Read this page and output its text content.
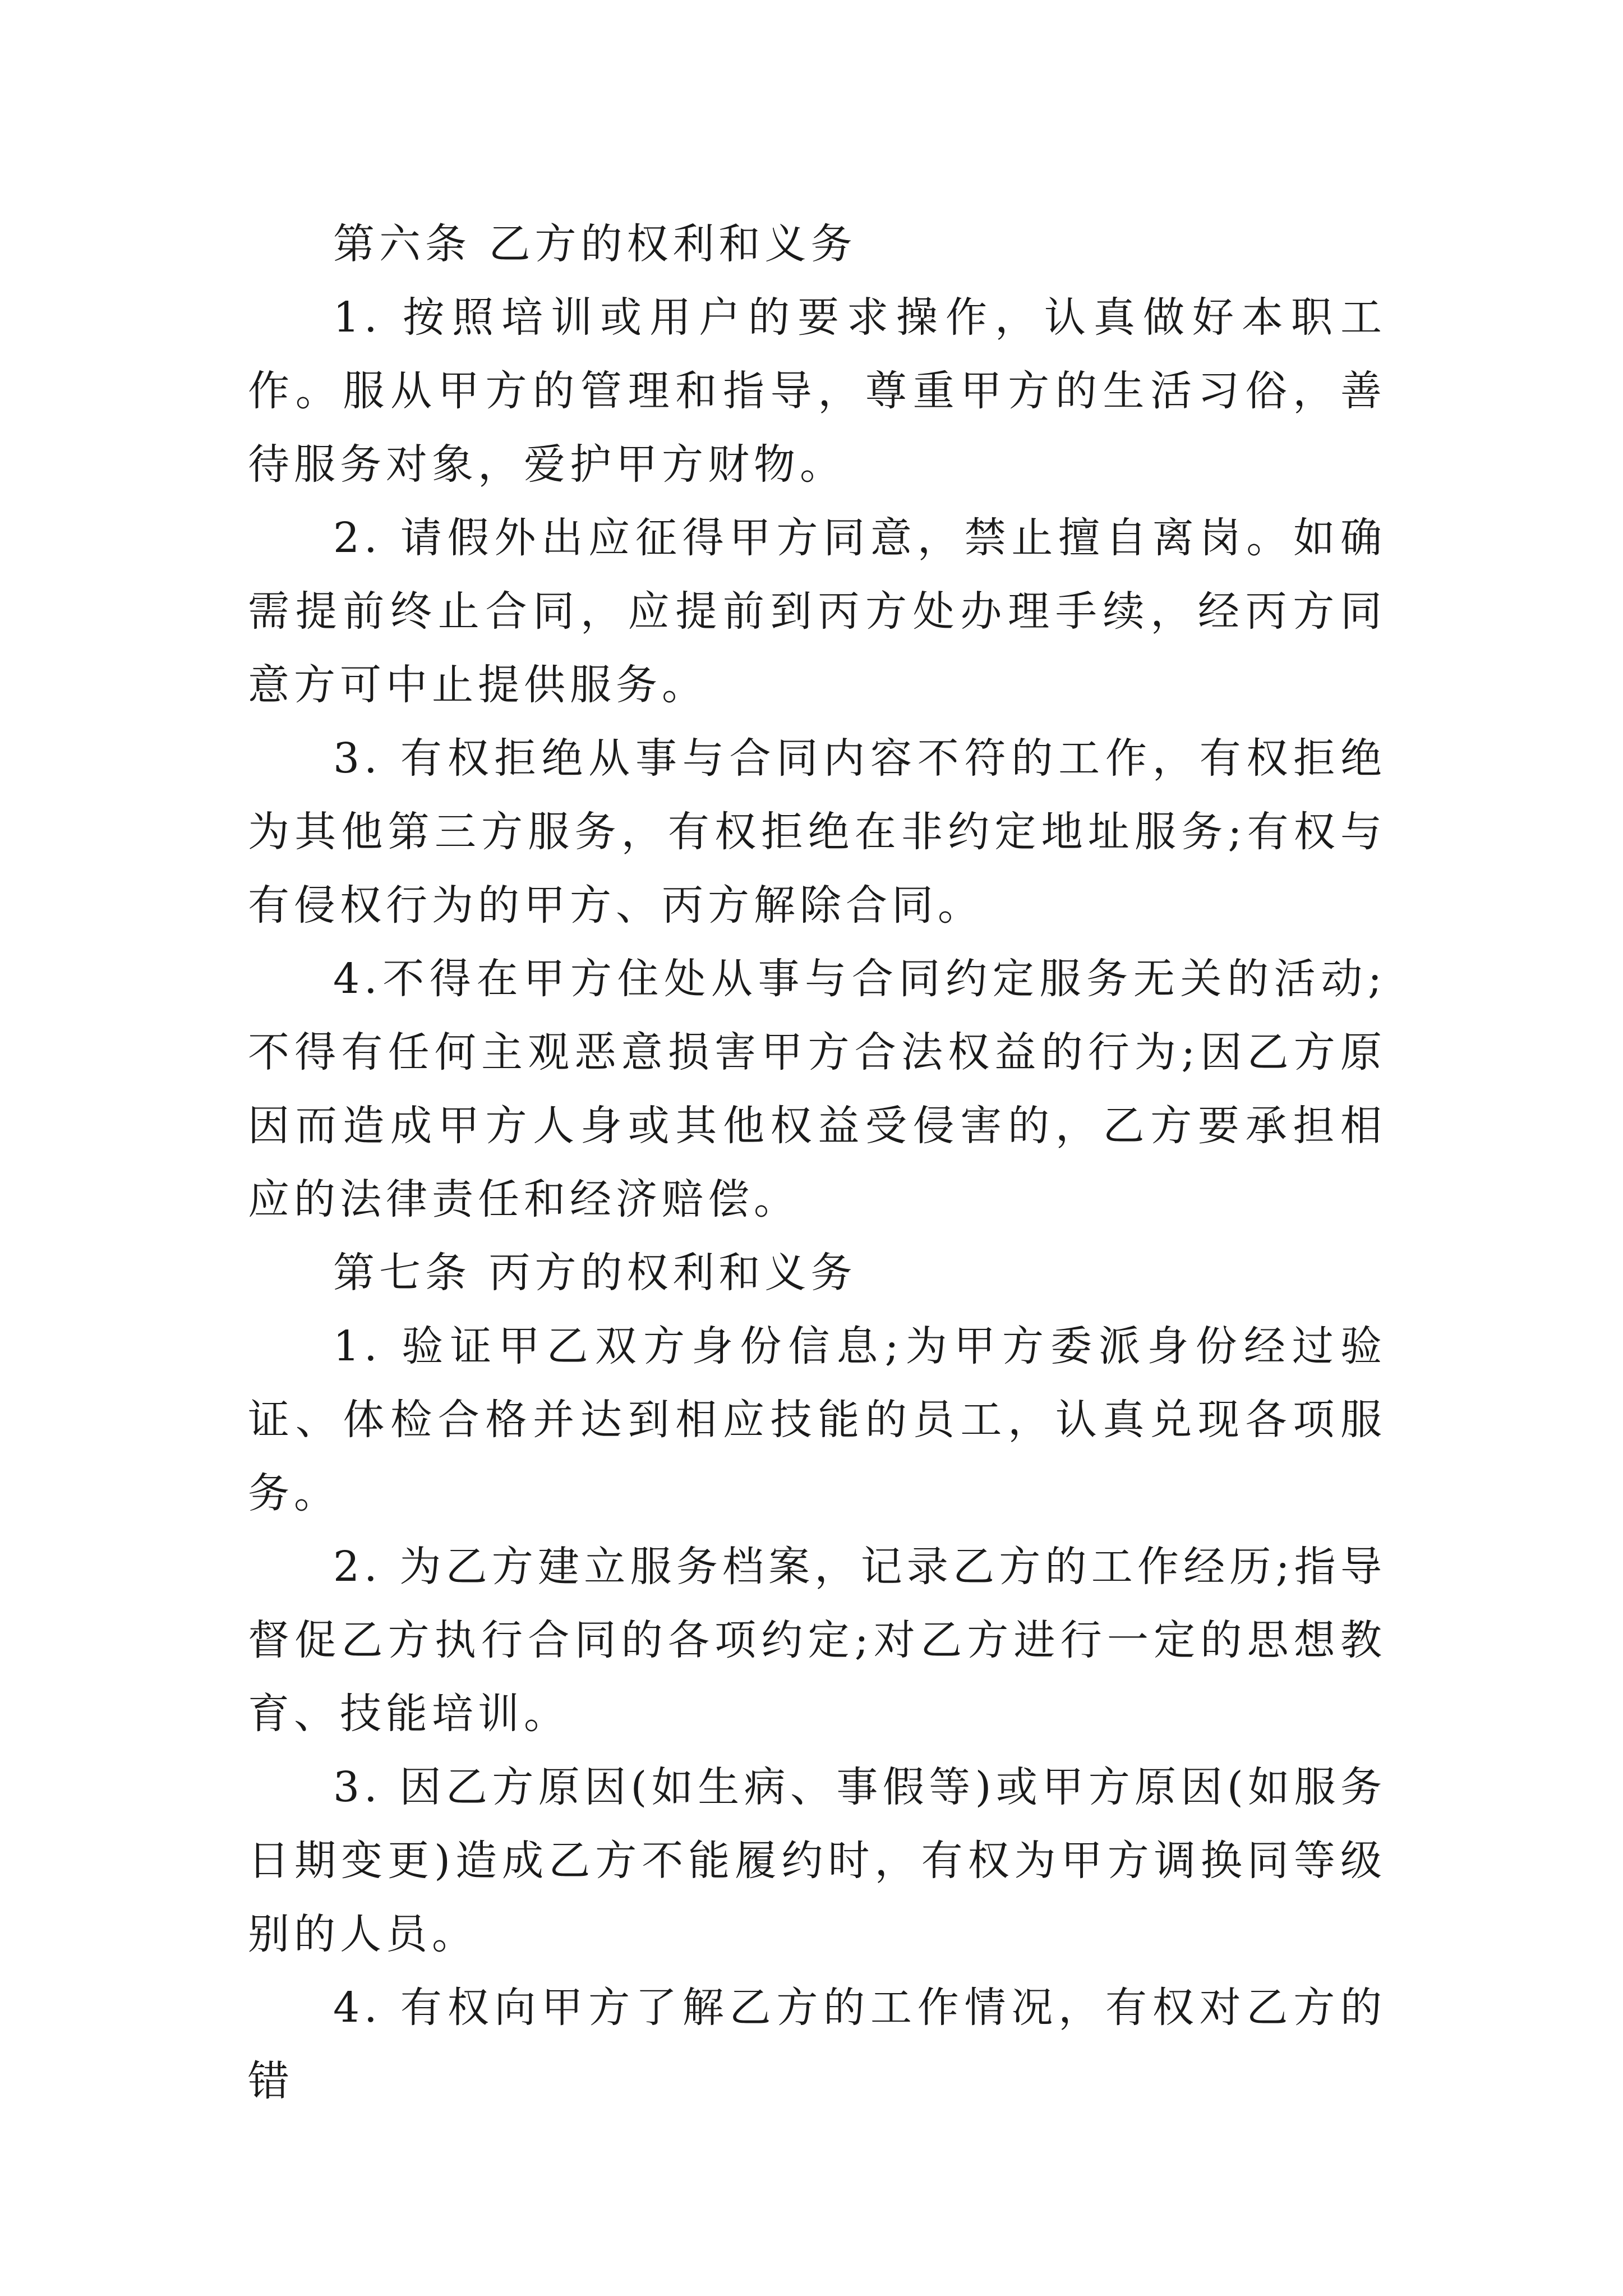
第六条 乙方的权利和义务

1. 按照培训或用户的要求操作，认真做好本职工作。服从甲方的管理和指导，尊重甲方的生活习俗，善待服务对象，爱护甲方财物。

2. 请假外出应征得甲方同意，禁止擅自离岗。如确需提前终止合同，应提前到丙方处办理手续，经丙方同意方可中止提供服务。

3. 有权拒绝从事与合同内容不符的工作，有权拒绝为其他第三方服务，有权拒绝在非约定地址服务;有权与有侵权行为的甲方、丙方解除合同。

4.不得在甲方住处从事与合同约定服务无关的活动;不得有任何主观恶意损害甲方合法权益的行为;因乙方原因而造成甲方人身或其他权益受侵害的，乙方要承担相应的法律责任和经济赔偿。

第七条 丙方的权利和义务

1. 验证甲乙双方身份信息;为甲方委派身份经过验证、体检合格并达到相应技能的员工，认真兑现各项服务。

2. 为乙方建立服务档案，记录乙方的工作经历;指导督促乙方执行合同的各项约定;对乙方进行一定的思想教育、技能培训。

3. 因乙方原因(如生病、事假等)或甲方原因(如服务日期变更)造成乙方不能履约时，有权为甲方调换同等级别的人员。

4. 有权向甲方了解乙方的工作情况，有权对乙方的错
